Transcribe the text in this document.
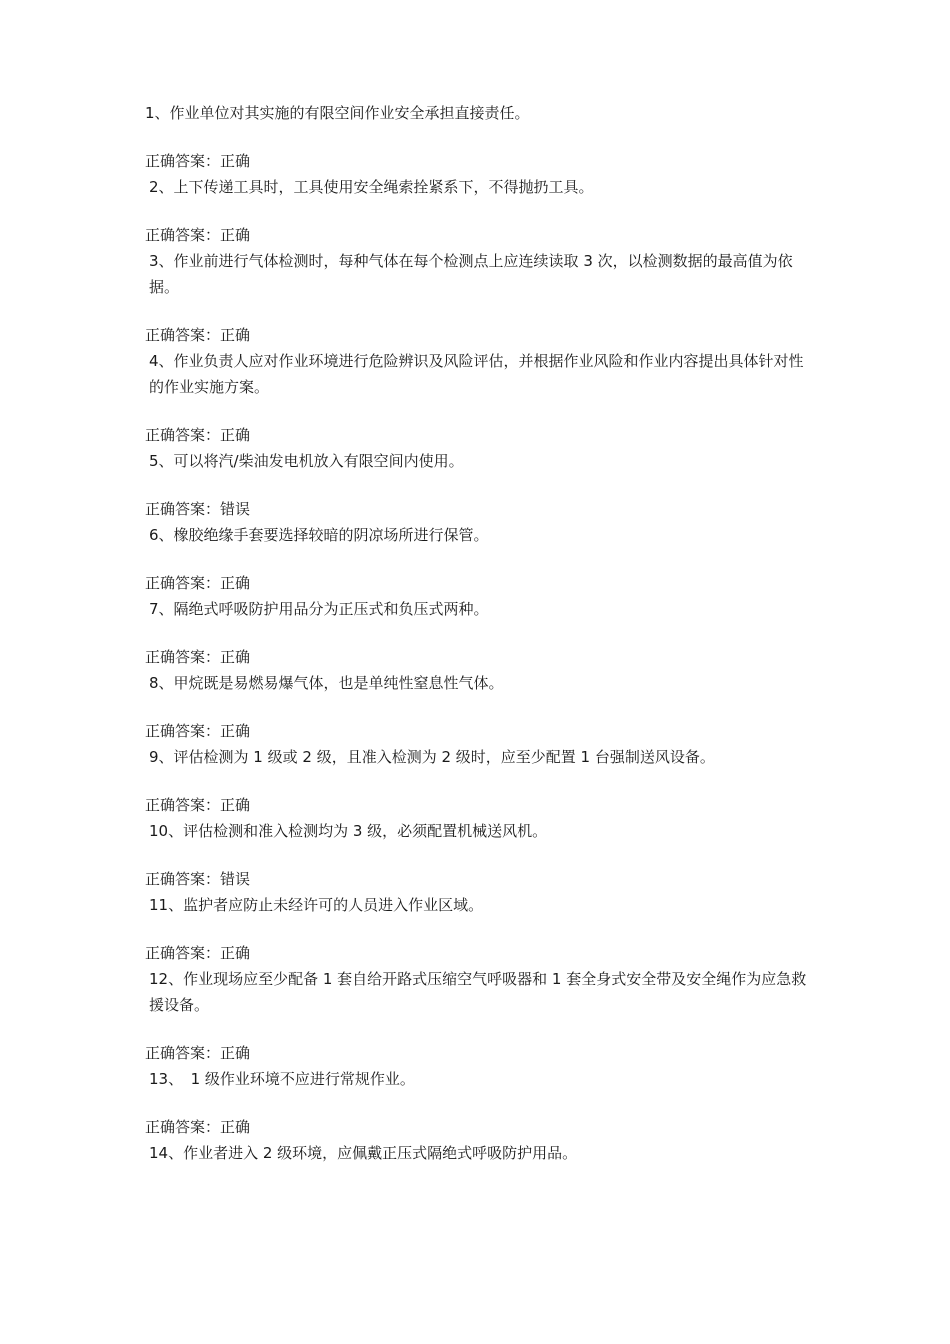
1、作业单位对其实施的有限空间作业安全承担直接责任。

正确答案：正确

2、上下传递工具时，工具使用安全绳索拴紧系下，不得抛扔工具。

正确答案：正确

3、作业前进行气体检测时，每种气体在每个检测点上应连续读取 3 次，以检测数据的最高值为依据。

正确答案：正确

4、作业负责人应对作业环境进行危险辨识及风险评估，并根据作业风险和作业内容提出具体针对性的作业实施方案。

正确答案：正确

5、可以将汽/柴油发电机放入有限空间内使用。

正确答案：错误

6、橡胶绝缘手套要选择较暗的阴凉场所进行保管。

正确答案：正确

7、隔绝式呼吸防护用品分为正压式和负压式两种。

正确答案：正确

8、甲烷既是易燃易爆气体，也是单纯性窒息性气体。

正确答案：正确

9、评估检测为 1 级或 2 级，且准入检测为 2 级时，应至少配置 1 台强制送风设备。

正确答案：正确

10、评估检测和准入检测均为 3 级，必须配置机械送风机。

正确答案：错误

11、监护者应防止未经许可的人员进入作业区域。

正确答案：正确

12、作业现场应至少配备 1 套自给开路式压缩空气呼吸器和 1 套全身式安全带及安全绳作为应急救援设备。

正确答案：正确

13、　1 级作业环境不应进行常规作业。

正确答案：正确

14、作业者进入 2 级环境，应佩戴正压式隔绝式呼吸防护用品。
